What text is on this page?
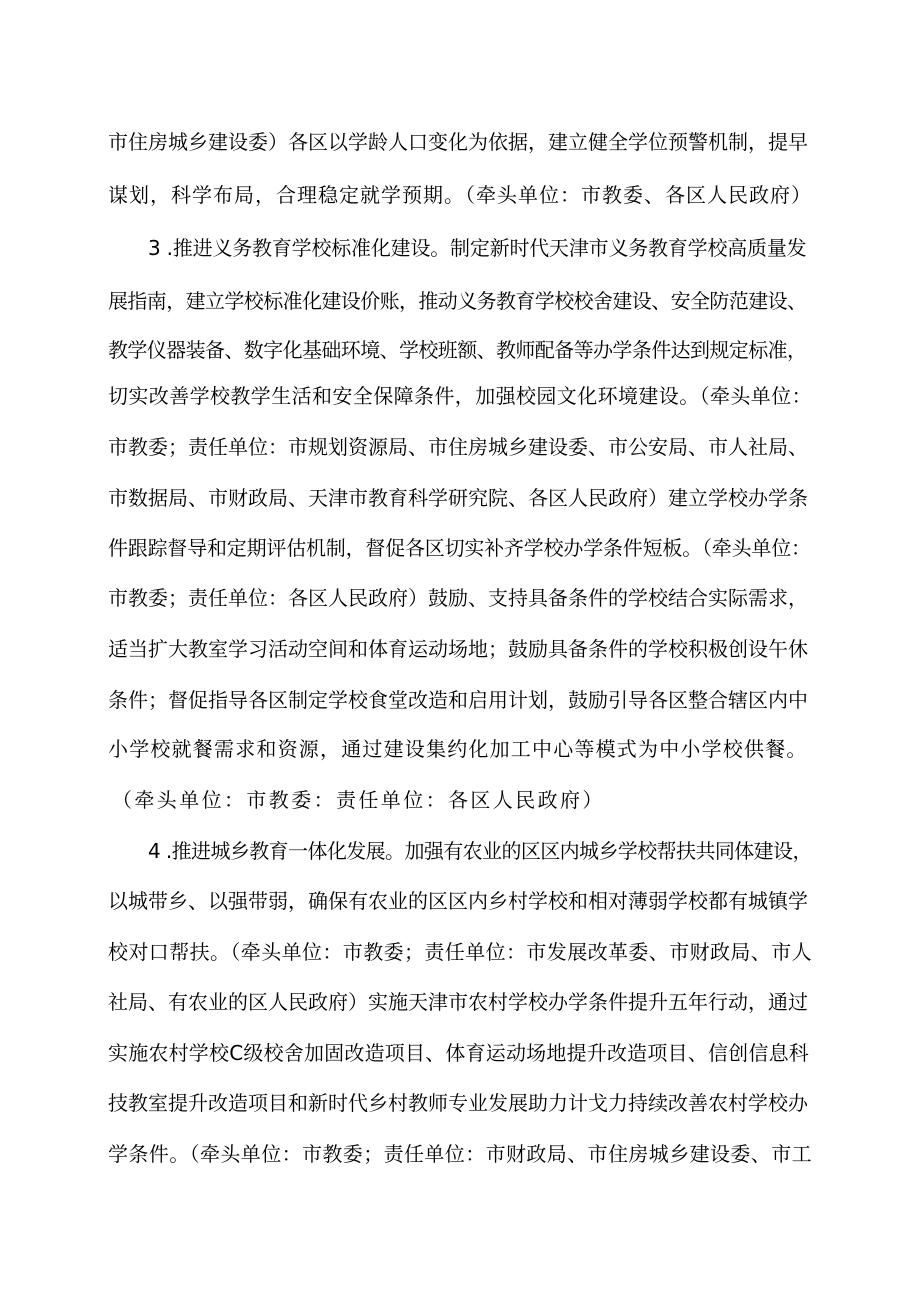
市住房城乡建设委）各区以学龄人口变化为依据，建立健全学位预警机制，提早
谋划，科学布局，合理稳定就学预期。（牵头单位：市教委、各区人民政府）
3 .推进义务教育学校标准化建设。制定新时代天津市义务教育学校高质量发
展指南，建立学校标准化建设价账，推动义务教育学校校舍建设、安全防范建设、
教学仪器装备、数字化基础环境、学校班额、教师配备等办学条件达到规定标准，
切实改善学校教学生活和安全保障条件，加强校园文化环境建设。（牵头单位：
市教委；责任单位：市规划资源局、市住房城乡建设委、市公安局、市人社局、
市数据局、市财政局、天津市教育科学研究院、各区人民政府）建立学校办学条
件跟踪督导和定期评估机制，督促各区切实补齐学校办学条件短板。（牵头单位：
市教委；责任单位：各区人民政府）鼓励、支持具备条件的学校结合实际需求，
适当扩大教室学习活动空间和体育运动场地；鼓励具备条件的学校积极创设午休
条件；督促指导各区制定学校食堂改造和启用计划，鼓励引导各区整合辖区内中
小学校就餐需求和资源，通过建设集约化加工中心等模式为中小学校供餐。
（牵头单位：市教委：责任单位：各区人民政府）
4 .推进城乡教育一体化发展。加强有农业的区区内城乡学校帮扶共同体建设，
以城带乡、以强带弱，确保有农业的区区内乡村学校和相对薄弱学校都有城镇学
校对口帮扶。（牵头单位：市教委；责任单位：市发展改革委、市财政局、市人
社局、有农业的区人民政府）实施天津市农村学校办学条件提升五年行动，通过
实施农村学校C级校舍加固改造项目、体育运动场地提升改造项目、信创信息科
技教室提升改造项目和新时代乡村教师专业发展助力计戈力持续改善农村学校办
学条件。（牵头单位：市教委；责任单位：市财政局、市住房城乡建设委、市工
